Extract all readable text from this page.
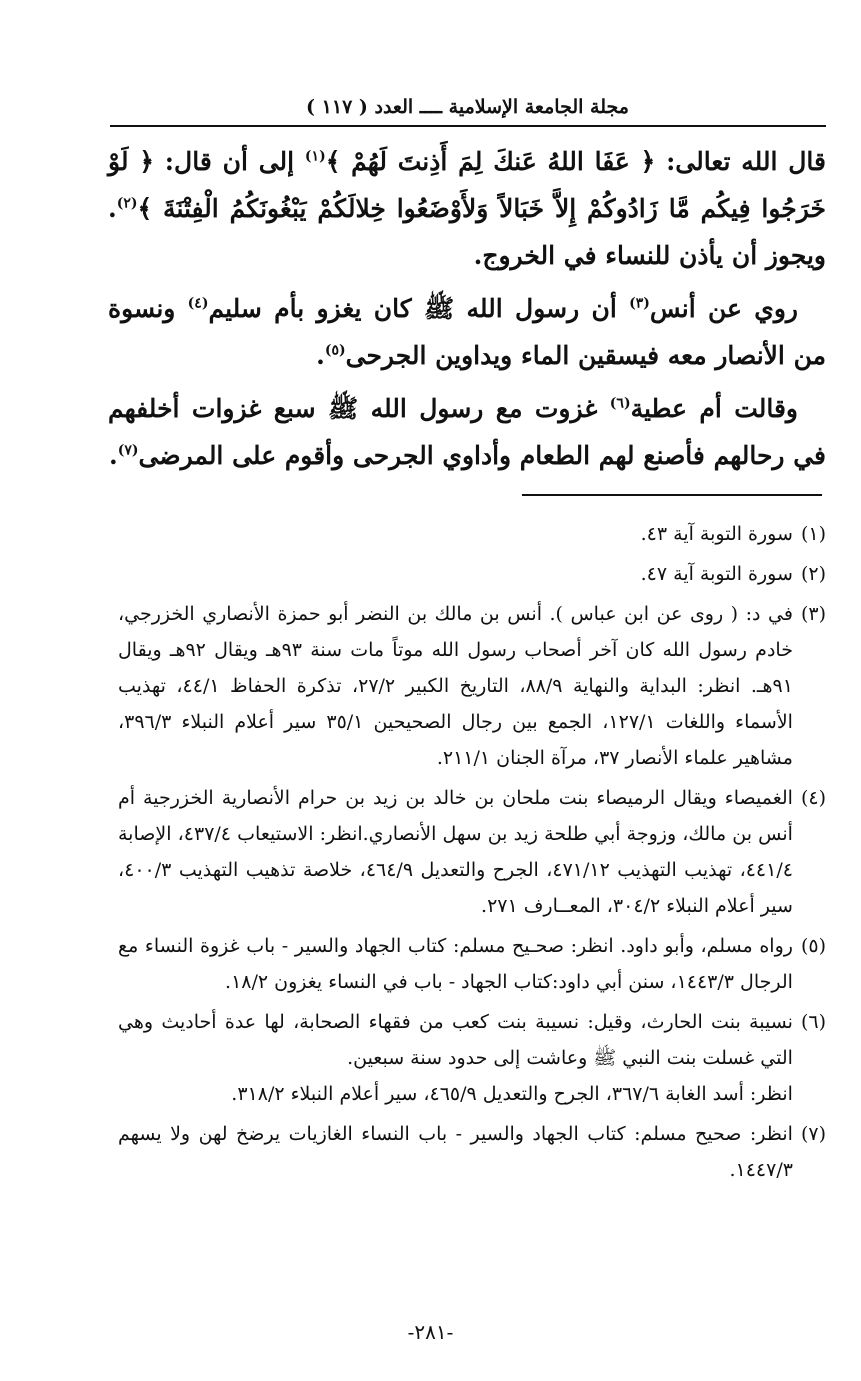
مجلة الجامعة الإسلامية ــــ العدد ( ١١٧ )

قال الله تعالى: ﴿ عَفَا اللهُ عَنكَ لِمَ أَذِنتَ لَهُمْ ﴾$^{(١)}$ إلى أن قال: ﴿ لَوْ خَرَجُوا فِيكُم مَّا زَادُوكُمْ إِلاَّ خَبَالاً وَلأَوْضَعُوا خِلالَكُمْ يَبْغُونَكُمُ الْفِتْنَةَ ﴾$^{(٢)}$. ويجوز أن يأذن للنساء في الخروج.

روي عن أنس$^{(٣)}$ أن رسول الله ﷺ كان يغزو بأم سليم$^{(٤)}$ ونسوة من الأنصار معه فيسقين الماء ويداوين الجرحى$^{(٥)}$.

وقالت أم عطية$^{(٦)}$ غزوت مع رسول الله ﷺ سبع غزوات أخلفهم في رحالهم فأصنع لهم الطعام وأداوي الجرحى وأقوم على المرضى$^{(٧)}$.

(١)

سورة التوبة آية ٤٣.

(٢)

سورة التوبة آية ٤٧.

(٣)

في د: ( روى عن ابن عباس ). أنس بن مالك بن النضر أبو حمزة الأنصاري الخزرجي، خادم رسول الله كان آخر أصحاب رسول الله موتاً مات سنة ٩٣هـ ويقال ٩٢هـ ويقال ٩١هـ. انظر: البداية والنهاية ٨٨/٩، التاريخ الكبير ٢٧/٢، تذكرة الحفاظ ٤٤/١، تهذيب الأسماء واللغات ١٢٧/١، الجمع بين رجال الصحيحين ٣٥/١ سير أعلام النبلاء ٣٩٦/٣، مشاهير علماء الأنصار ٣٧، مرآة الجنان ٢١١/١.

(٤)

الغميصاء ويقال الرميصاء بنت ملحان بن خالد بن زيد بن حرام الأنصارية الخزرجية أم أنس بن مالك، وزوجة أبي طلحة زيد بن سهل الأنصاري.انظر: الاستيعاب ٤٣٧/٤، الإصابة ٤٤١/٤، تهذيب التهذيب ٤٧١/١٢، الجرح والتعديل ٤٦٤/٩، خلاصة تذهيب التهذيب ٤٠٠/٣، سير أعلام النبلاء ٣٠٤/٢، المعــارف ٢٧١.

(٥)

رواه مسلم، وأبو داود. انظر: صحـيح مسلم: كتاب الجهاد والسير - باب غزوة النساء مع الرجال ١٤٤٣/٣، سنن أبي داود:كتاب الجهاد - باب في النساء يغزون ١٨/٢.

(٦)

نسيبة بنت الحارث، وقيل: نسيبة بنت كعب من فقهاء الصحابة، لها عدة أحاديث وهي التي غسلت بنت النبي ﷺ وعاشت إلى حدود سنة سبعين.

انظر: أسد الغابة ٣٦٧/٦، الجرح والتعديل ٤٦٥/٩، سير أعلام النبلاء ٣١٨/٢.

(٧)

انظر: صحيح مسلم: كتاب الجهاد والسير - باب النساء الغازيات يرضخ لهن ولا يسهم ١٤٤٧/٣.

-٢٨١-
